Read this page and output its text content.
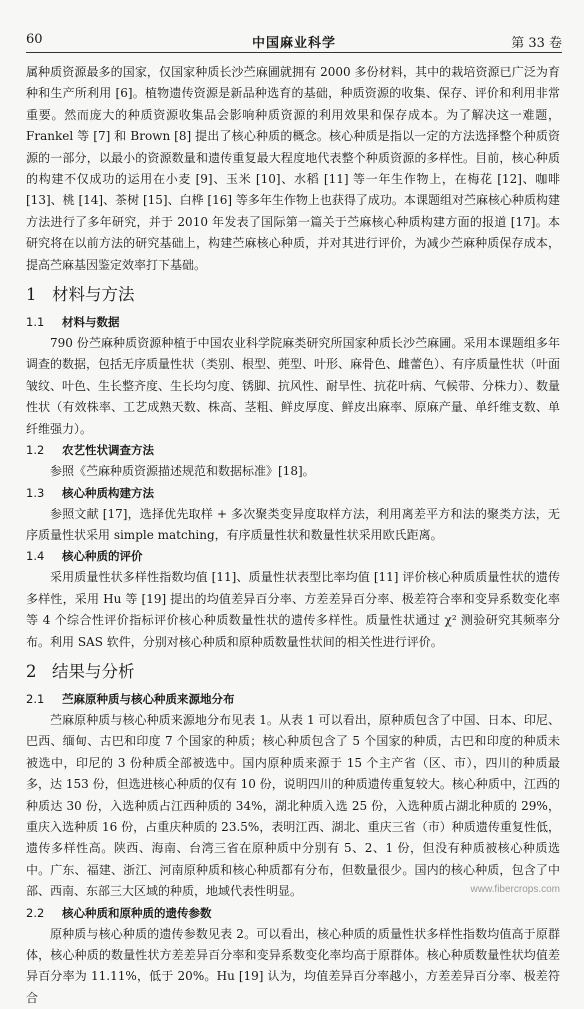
60	中国麻业科学	第 33 卷

属种质资源最多的国家，仅国家种质长沙苎麻圃就拥有 2000 多份材料，其中的栽培资源已广泛为育种和生产所利用 [6]。植物遗传资源是新品种选育的基础，种质资源的收集、保存、评价和利用非常重要。然而庞大的种质资源收集品会影响种质资源的利用效果和保存成本。为了解决这一难题，Frankel 等 [7] 和 Brown [8] 提出了核心种质的概念。核心种质是指以一定的方法选择整个种质资源的一部分，以最小的资源数量和遗传重复最大程度地代表整个种质资源的多样性。目前，核心种质的构建不仅成功的运用在小麦 [9]、玉米 [10]、水稻 [11] 等一年生作物上，在梅花 [12]、咖啡 [13]、桃 [14]、茶树 [15]、白桦 [16] 等多年生作物上也获得了成功。本课题组对苎麻核心种质构建方法进行了多年研究，并于 2010 年发表了国际第一篇关于苎麻核心种质构建方面的报道 [17]。本研究将在以前方法的研究基础上，构建苎麻核心种质，并对其进行评价，为减少苎麻种质保存成本，提高苎麻基因鉴定效率打下基础。

1 材料与方法
1.1 材料与数据

790 份苎麻种质资源种植于中国农业科学院麻类研究所国家种质长沙苎麻圃。采用本课题组多年调查的数据，包括无序质量性状（类别、根型、蔸型、叶形、麻骨色、雌蕾色）、有序质量性状（叶面皱纹、叶色、生长整齐度、生长均匀度、锈脚、抗风性、耐旱性、抗花叶病、气候带、分株力）、数量性状（有效株率、工艺成熟天数、株高、茎粗、鲜皮厚度、鲜皮出麻率、原麻产量、单纤维支数、单纤维强力）。

1.2 农艺性状调查方法

参照《苎麻种质资源描述规范和数据标准》[18]。

1.3 核心种质构建方法

参照文献 [17]，选择优先取样 + 多次聚类变异度取样方法，利用离差平方和法的聚类方法，无序质量性状采用 simple matching，有序质量性状和数量性状采用欧氏距离。

1.4 核心种质的评价

采用质量性状多样性指数均值 [11]、质量性状表型比率均值 [11] 评价核心种质质量性状的遗传多样性，采用 Hu 等 [19] 提出的均值差异百分率、方差差异百分率、极差符合率和变异系数变化率等 4 个综合性评价指标评价核心种质数量性状的遗传多样性。质量性状通过 χ² 测验研究其频率分布。利用 SAS 软件，分别对核心种质和原种质数量性状间的相关性进行评价。

2 结果与分析
2.1 苎麻原种质与核心种质来源地分布

苎麻原种质与核心种质来源地分布见表 1。从表 1 可以看出，原种质包含了中国、日本、印尼、巴西、缅甸、古巴和印度 7 个国家的种质；核心种质包含了 5 个国家的种质，古巴和印度的种质未被选中，印尼的 3 份种质全部被选中。国内原种质来源于 15 个主产省（区、市），四川的种质最多，达 153 份，但选进核心种质的仅有 10 份，说明四川的种质遗传重复较大。核心种质中，江西的种质达 30 份，入选种质占江西种质的 34%，湖北种质入选 25 份，入选种质占湖北种质的 29%，重庆入选种质 16 份，占重庆种质的 23.5%，表明江西、湖北、重庆三省（市）种质遗传重复性低，遗传多样性高。陕西、海南、台湾三省在原种质中分别有 5、2、1 份，但没有种质被核心种质选中。广东、福建、浙江、河南原种质和核心种质都有分布，但数量很少。国内的核心种质，包含了中部、西南、东部三大区域的种质，地域代表性明显。

2.2 核心种质和原种质的遗传参数

原种质与核心种质的遗传参数见表 2。可以看出，核心种质的质量性状多样性指数均值高于原群体，核心种质的数量性状方差差异百分率和变异系数变化率均高于原群体。核心种质数量性状均值差异百分率为 11.11%，低于 20%。Hu [19] 认为，均值差异百分率越小，方差差异百分率、极差符合

www.fibercrops.com
